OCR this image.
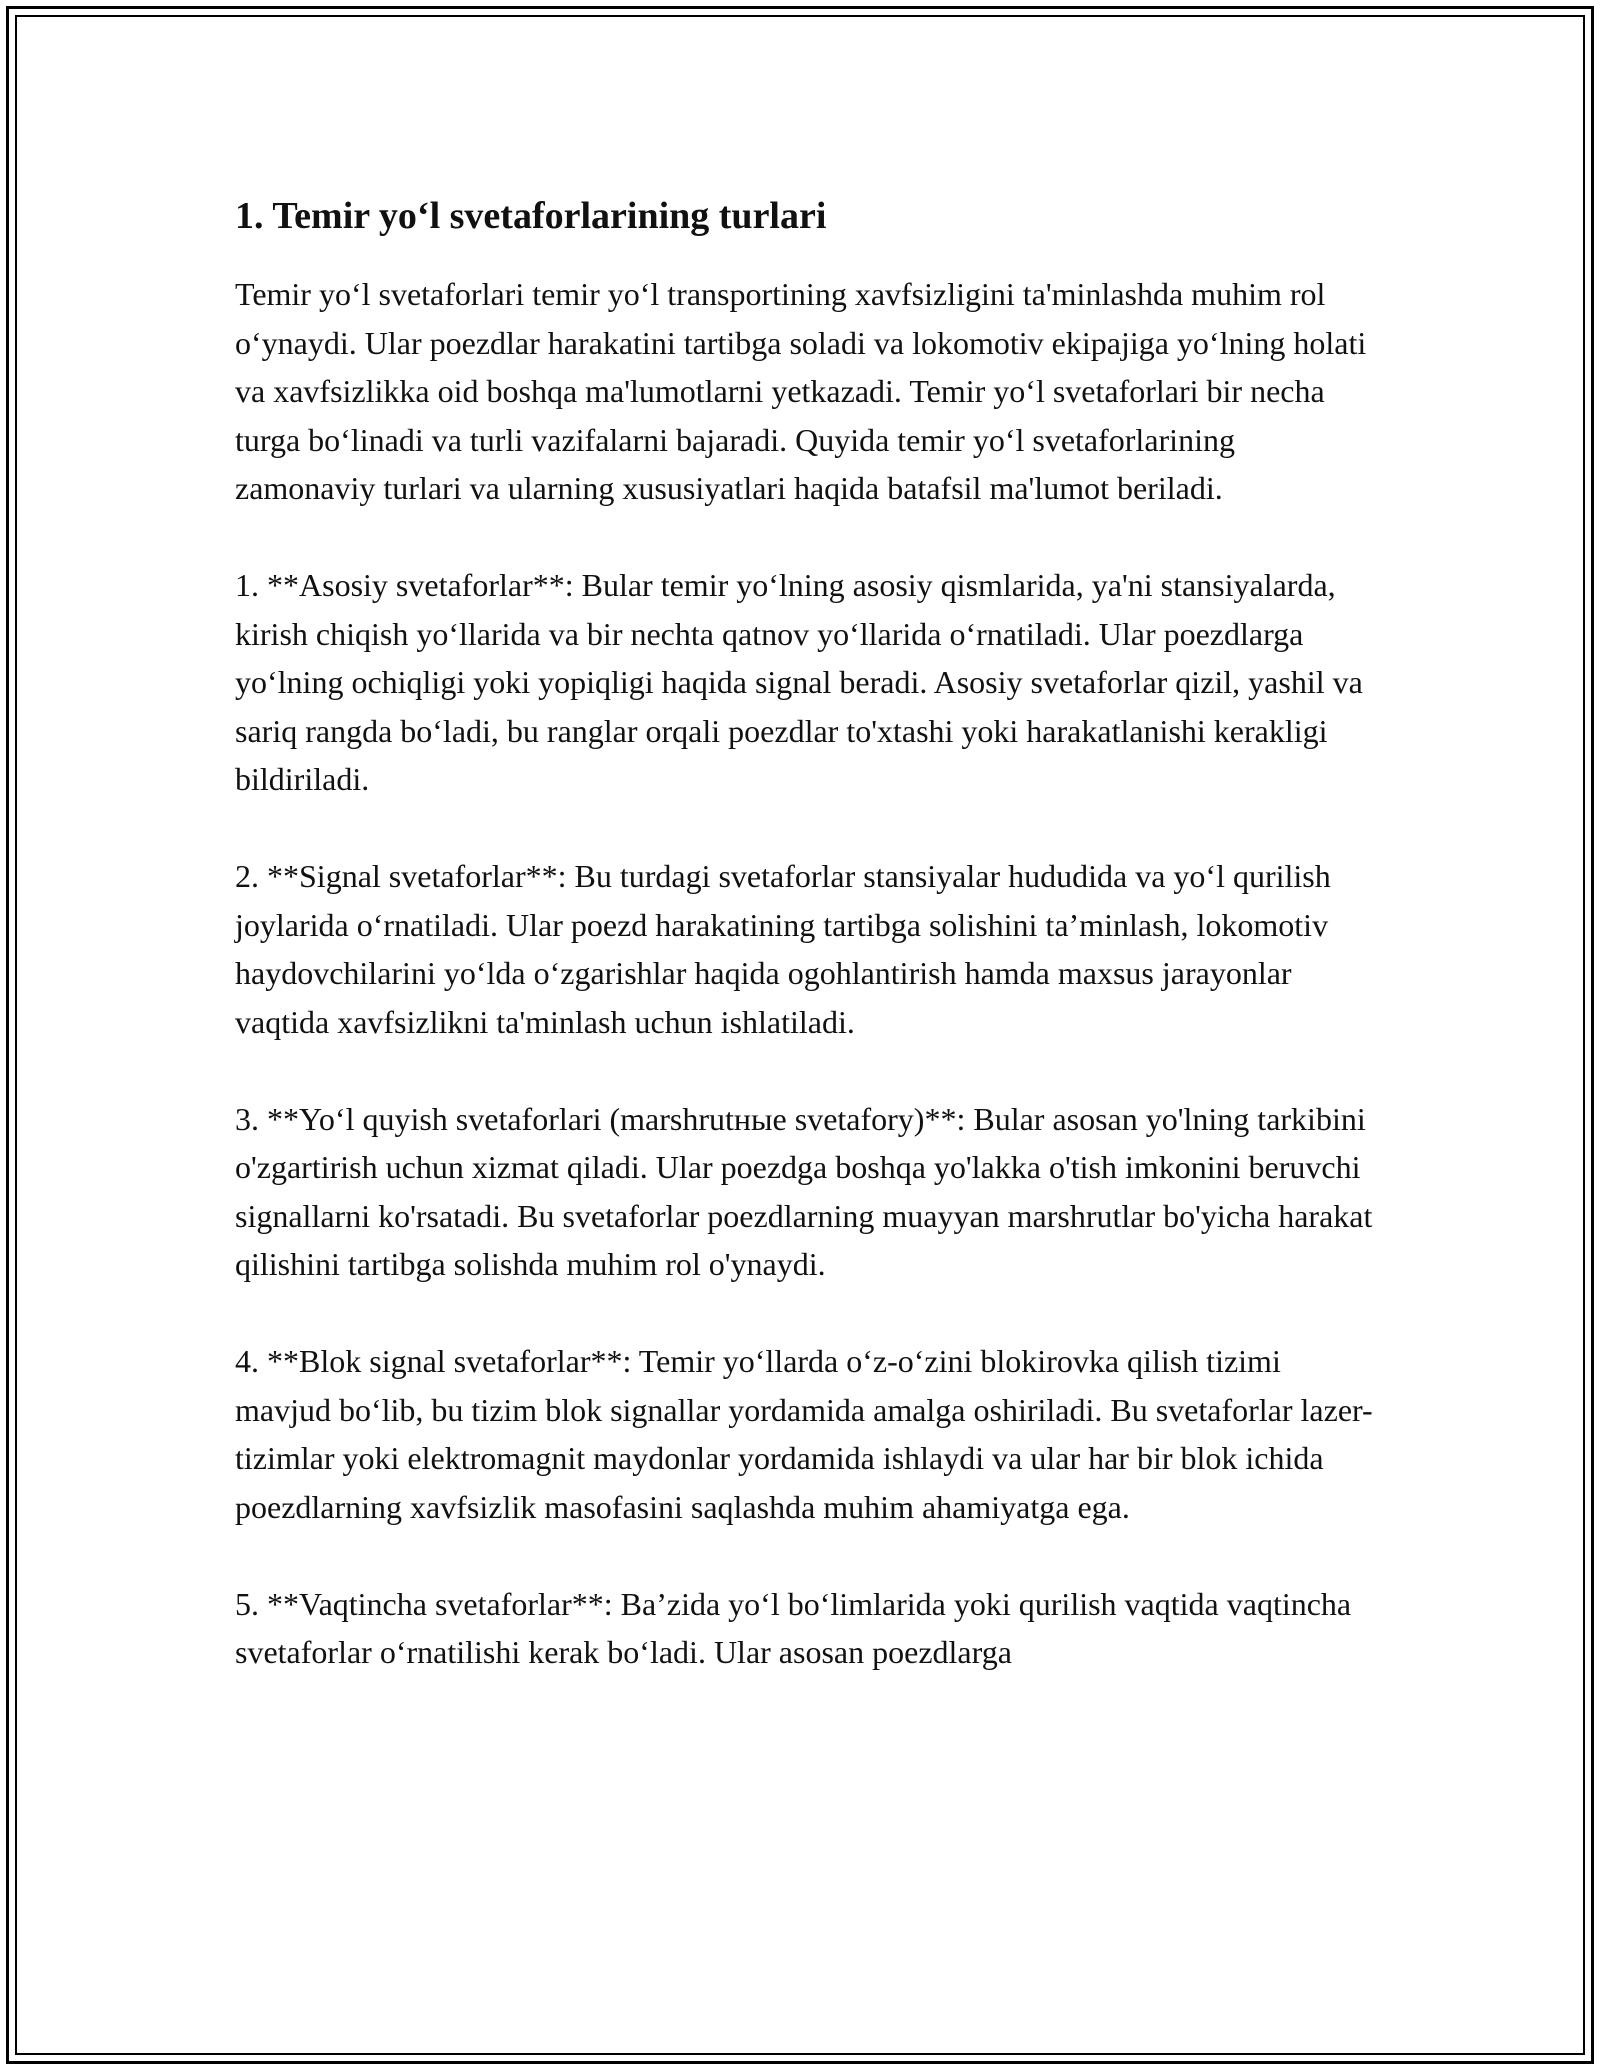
1. Temir yo‘l svetaforlarining turlari

Temir yo‘l svetaforlari temir yo‘l transportining xavfsizligini ta'minlashda muhim rol o‘ynaydi. Ular poezdlar harakatini tartibga soladi va lokomotiv ekipajiga yo‘lning holati va xavfsizlikka oid boshqa ma'lumotlarni yetkazadi. Temir yo‘l svetaforlari bir necha turga bo‘linadi va turli vazifalarni bajaradi. Quyida temir yo‘l svetaforlarining zamonaviy turlari va ularning xususiyatlari haqida batafsil ma'lumot beriladi.

1. **Asosiy svetaforlar**: Bular temir yo‘lning asosiy qismlarida, ya'ni stansiyalarda, kirish chiqish yo‘llarida va bir nechta qatnov yo‘llarida o‘rnatiladi. Ular poezdlarga yo‘lning ochiqligi yoki yopiqligi haqida signal beradi. Asosiy svetaforlar qizil, yashil va sariq rangda bo‘ladi, bu ranglar orqali poezdlar to'xtashi yoki harakatlanishi kerakligi bildiriladi.

2. **Signal svetaforlar**: Bu turdagi svetaforlar stansiyalar hududida va yo‘l qurilish joylarida o‘rnatiladi. Ular poezd harakatining tartibga solishini ta’minlash, lokomotiv haydovchilarini yo‘lda o‘zgarishlar haqida ogohlantirish hamda maxsus jarayonlar vaqtida xavfsizlikni ta'minlash uchun ishlatiladi.

3. **Yo‘l quyish svetaforlari (marshrutные svetafory)**: Bular asosan yo'lning tarkibini o'zgartirish uchun xizmat qiladi. Ular poezdga boshqa yo'lakka o'tish imkonini beruvchi signallarni ko'rsatadi. Bu svetaforlar poezdlarning muayyan marshrutlar bo'yicha harakat qilishini tartibga solishda muhim rol o'ynaydi.

4. **Blok signal svetaforlar**: Temir yo‘llarda o‘z-o‘zini blokirovka qilish tizimi mavjud bo‘lib, bu tizim blok signallar yordamida amalga oshiriladi. Bu svetaforlar lazer-tizimlar yoki elektromagnit maydonlar yordamida ishlaydi va ular har bir blok ichida poezdlarning xavfsizlik masofasini saqlashda muhim ahamiyatga ega.

5. **Vaqtincha svetaforlar**: Ba’zida yo‘l bo‘limlarida yoki qurilish vaqtida vaqtincha svetaforlar o‘rnatilishi kerak bo‘ladi. Ular asosan poezdlarga
